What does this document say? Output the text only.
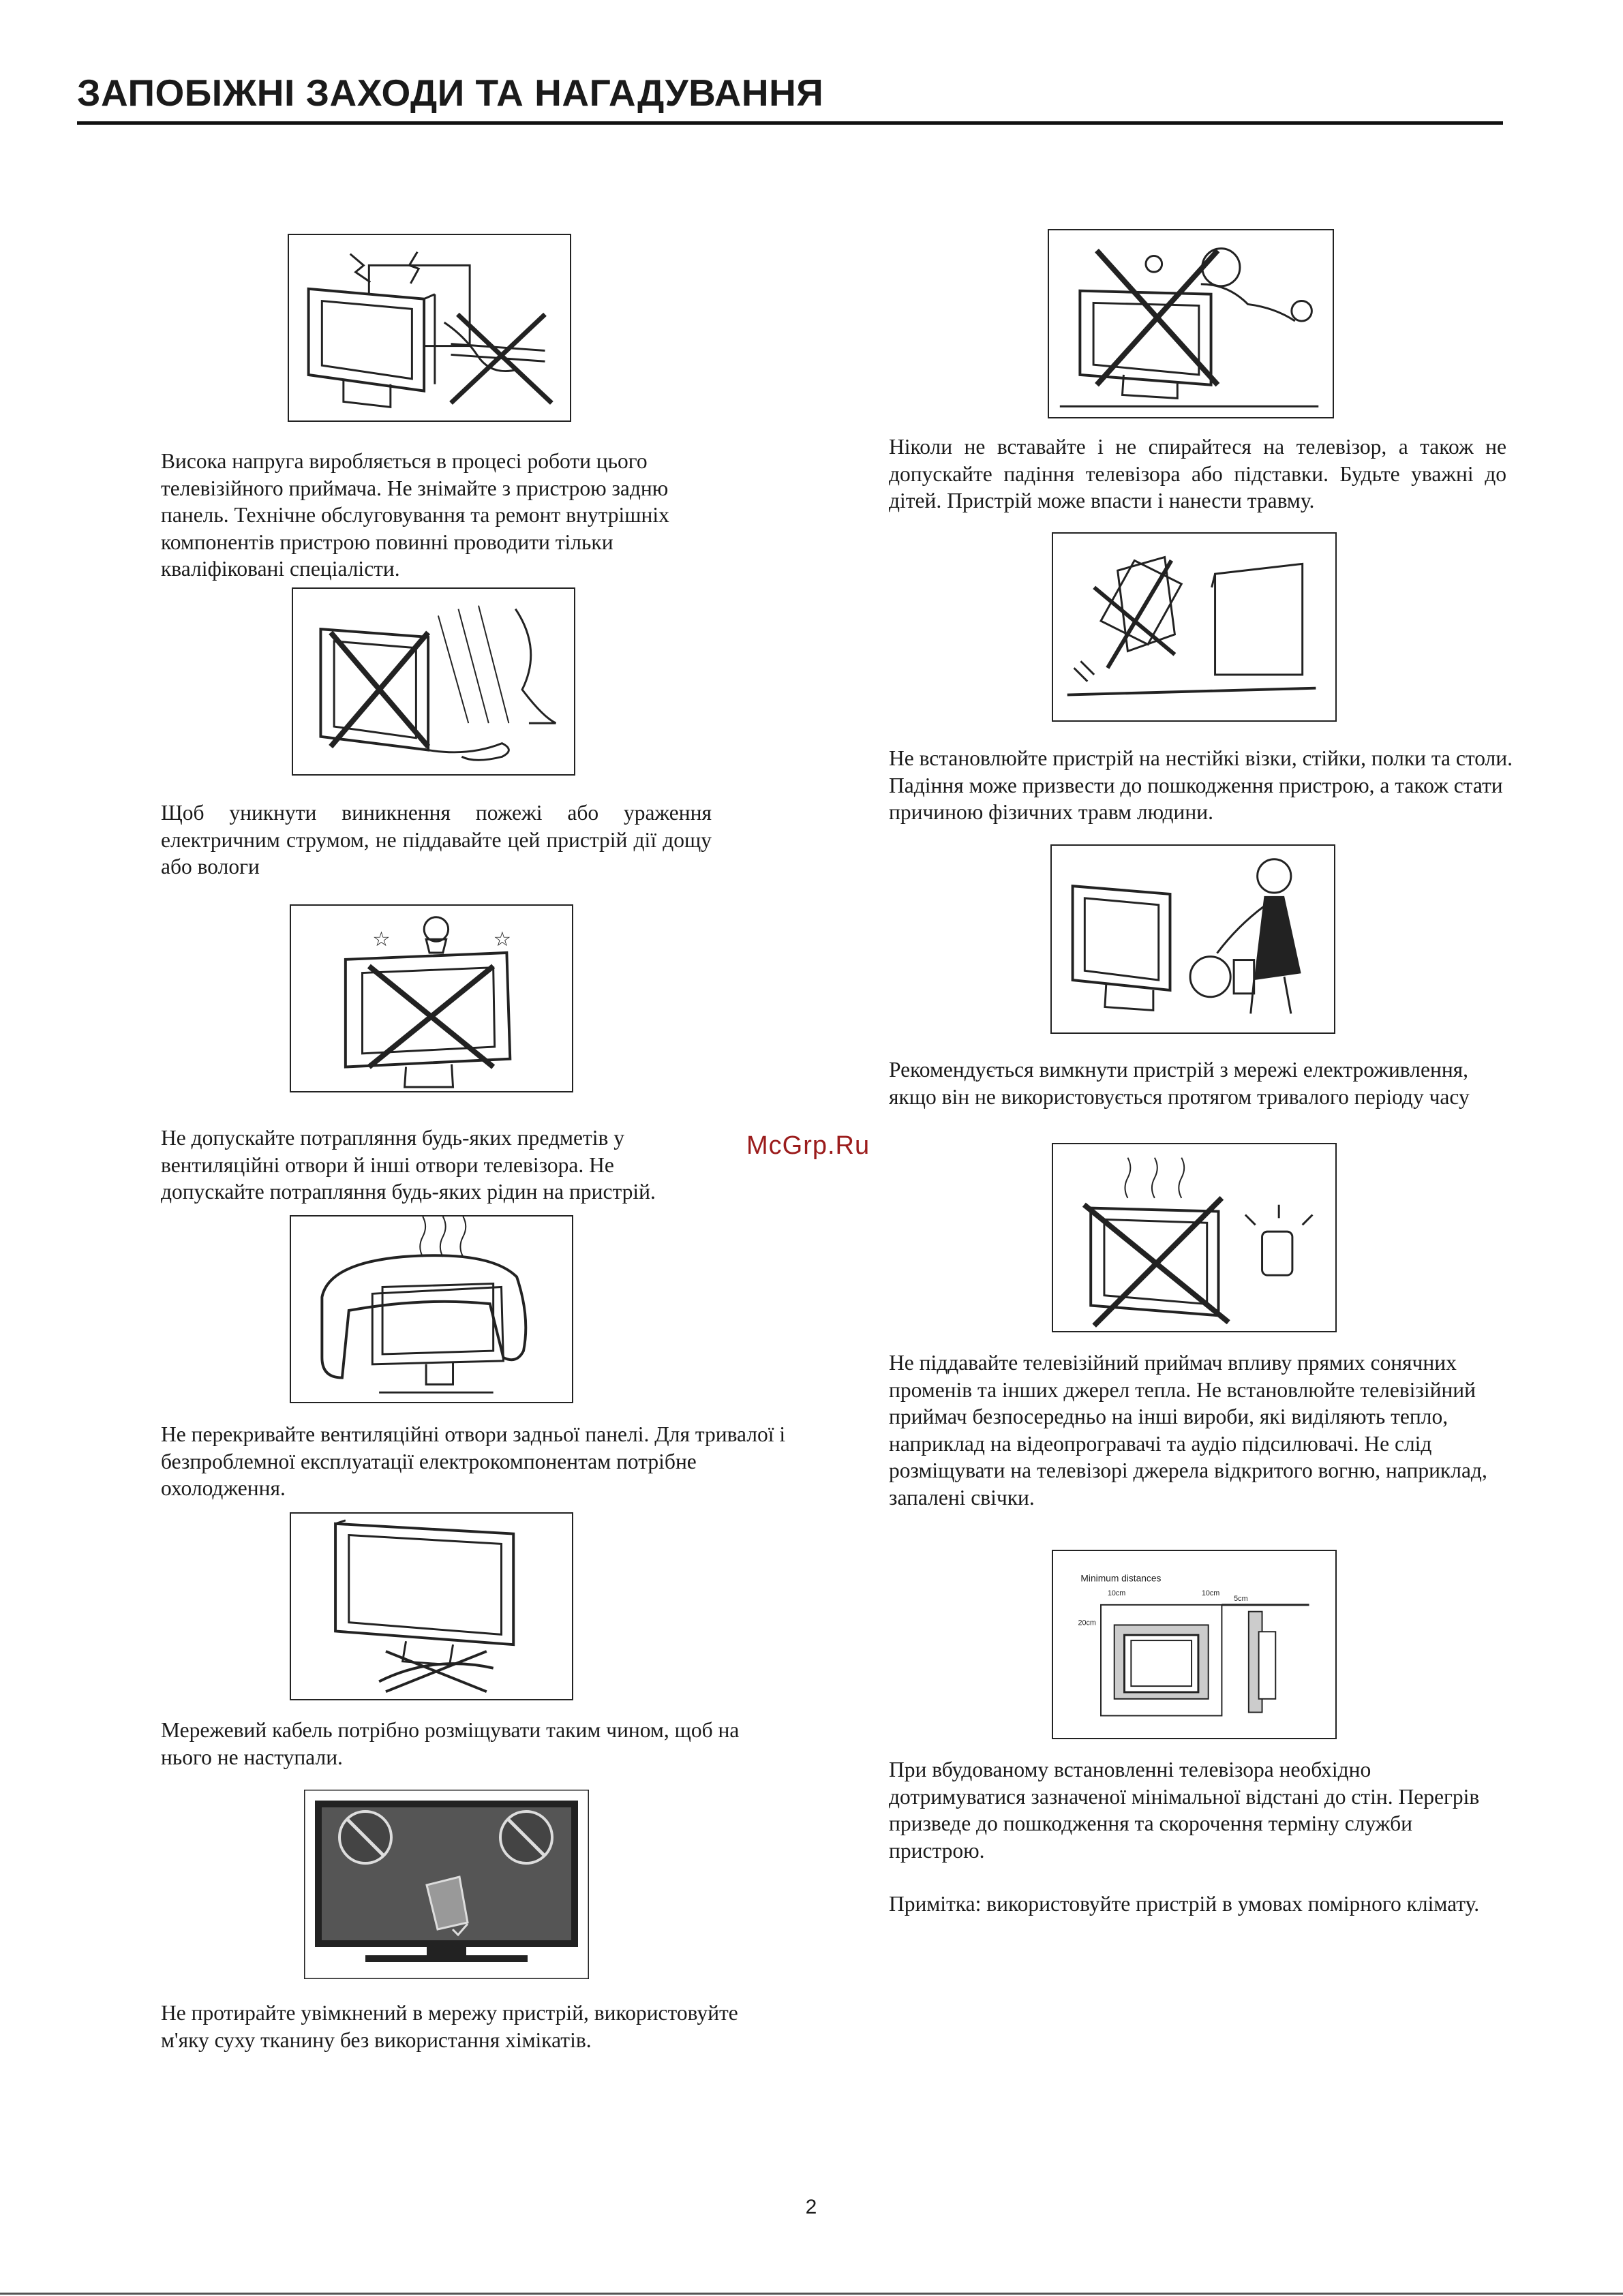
ЗАПОБІЖНІ ЗАХОДИ ТА НАГАДУВАННЯ

Висока напруга виробляється в процесі роботи цього телевізійного приймача. Не знімайте з пристрою задню панель. Технічне обслуговування та ремонт внутрішніх компонентів пристрою повинні проводити тільки кваліфіковані спеціалісти.

Щоб уникнути виникнення пожежі або ураження електричним струмом, не піддавайте цей пристрій дії дощу або вологи

☆	☆

Не допускайте потрапляння будь-яких предметів у вентиляційні отвори й інші отвори телевізора. Не допускайте потрапляння будь-яких рідин на пристрій.

Не перекривайте вентиляційні отвори задньої панелі. Для тривалої і безпроблемної експлуатації електрокомпонентам потрібне охолодження.

Мережевий кабель потрібно розміщувати таким чином, щоб на нього не наступали.

Не протирайте увімкнений в мережу пристрій, використовуйте м'яку суху тканину без використання хімікатів.

Ніколи не вставайте і не спирайтеся на телевізор, а також не допускайте падіння телевізора або підставки. Будьте уважні до дітей. Пристрій може впасти і нанести травму.

Не встановлюйте пристрій на нестійкі візки, стійки, полки та столи. Падіння може призвести до пошкодження пристрою, а також стати причиною фізичних травм людини.

Рекомендується вимкнути пристрій з мережі електроживлення, якщо він не використовується протягом тривалого періоду часу

Не піддавайте телевізійний приймач впливу прямих сонячних променів та інших джерел тепла. Не встановлюйте телевізійний приймач безпосередньо на інші вироби, які виділяють тепло, наприклад на відеопрогравачі та аудіо підсилювачі. Не слід розміщувати на телевізорі джерела відкритого вогню, наприклад, запалені свічки.

Minimum distances
10cm	10cm
5cm
20cm

При вбудованому встановленні телевізора необхідно дотримуватися зазначеної мінімальної відстані до стін. Перегрів призведе до пошкодження та скорочення терміну служби пристрою.

Примітка: використовуйте пристрій в умовах помірного клімату.

McGrp.Ru
2
